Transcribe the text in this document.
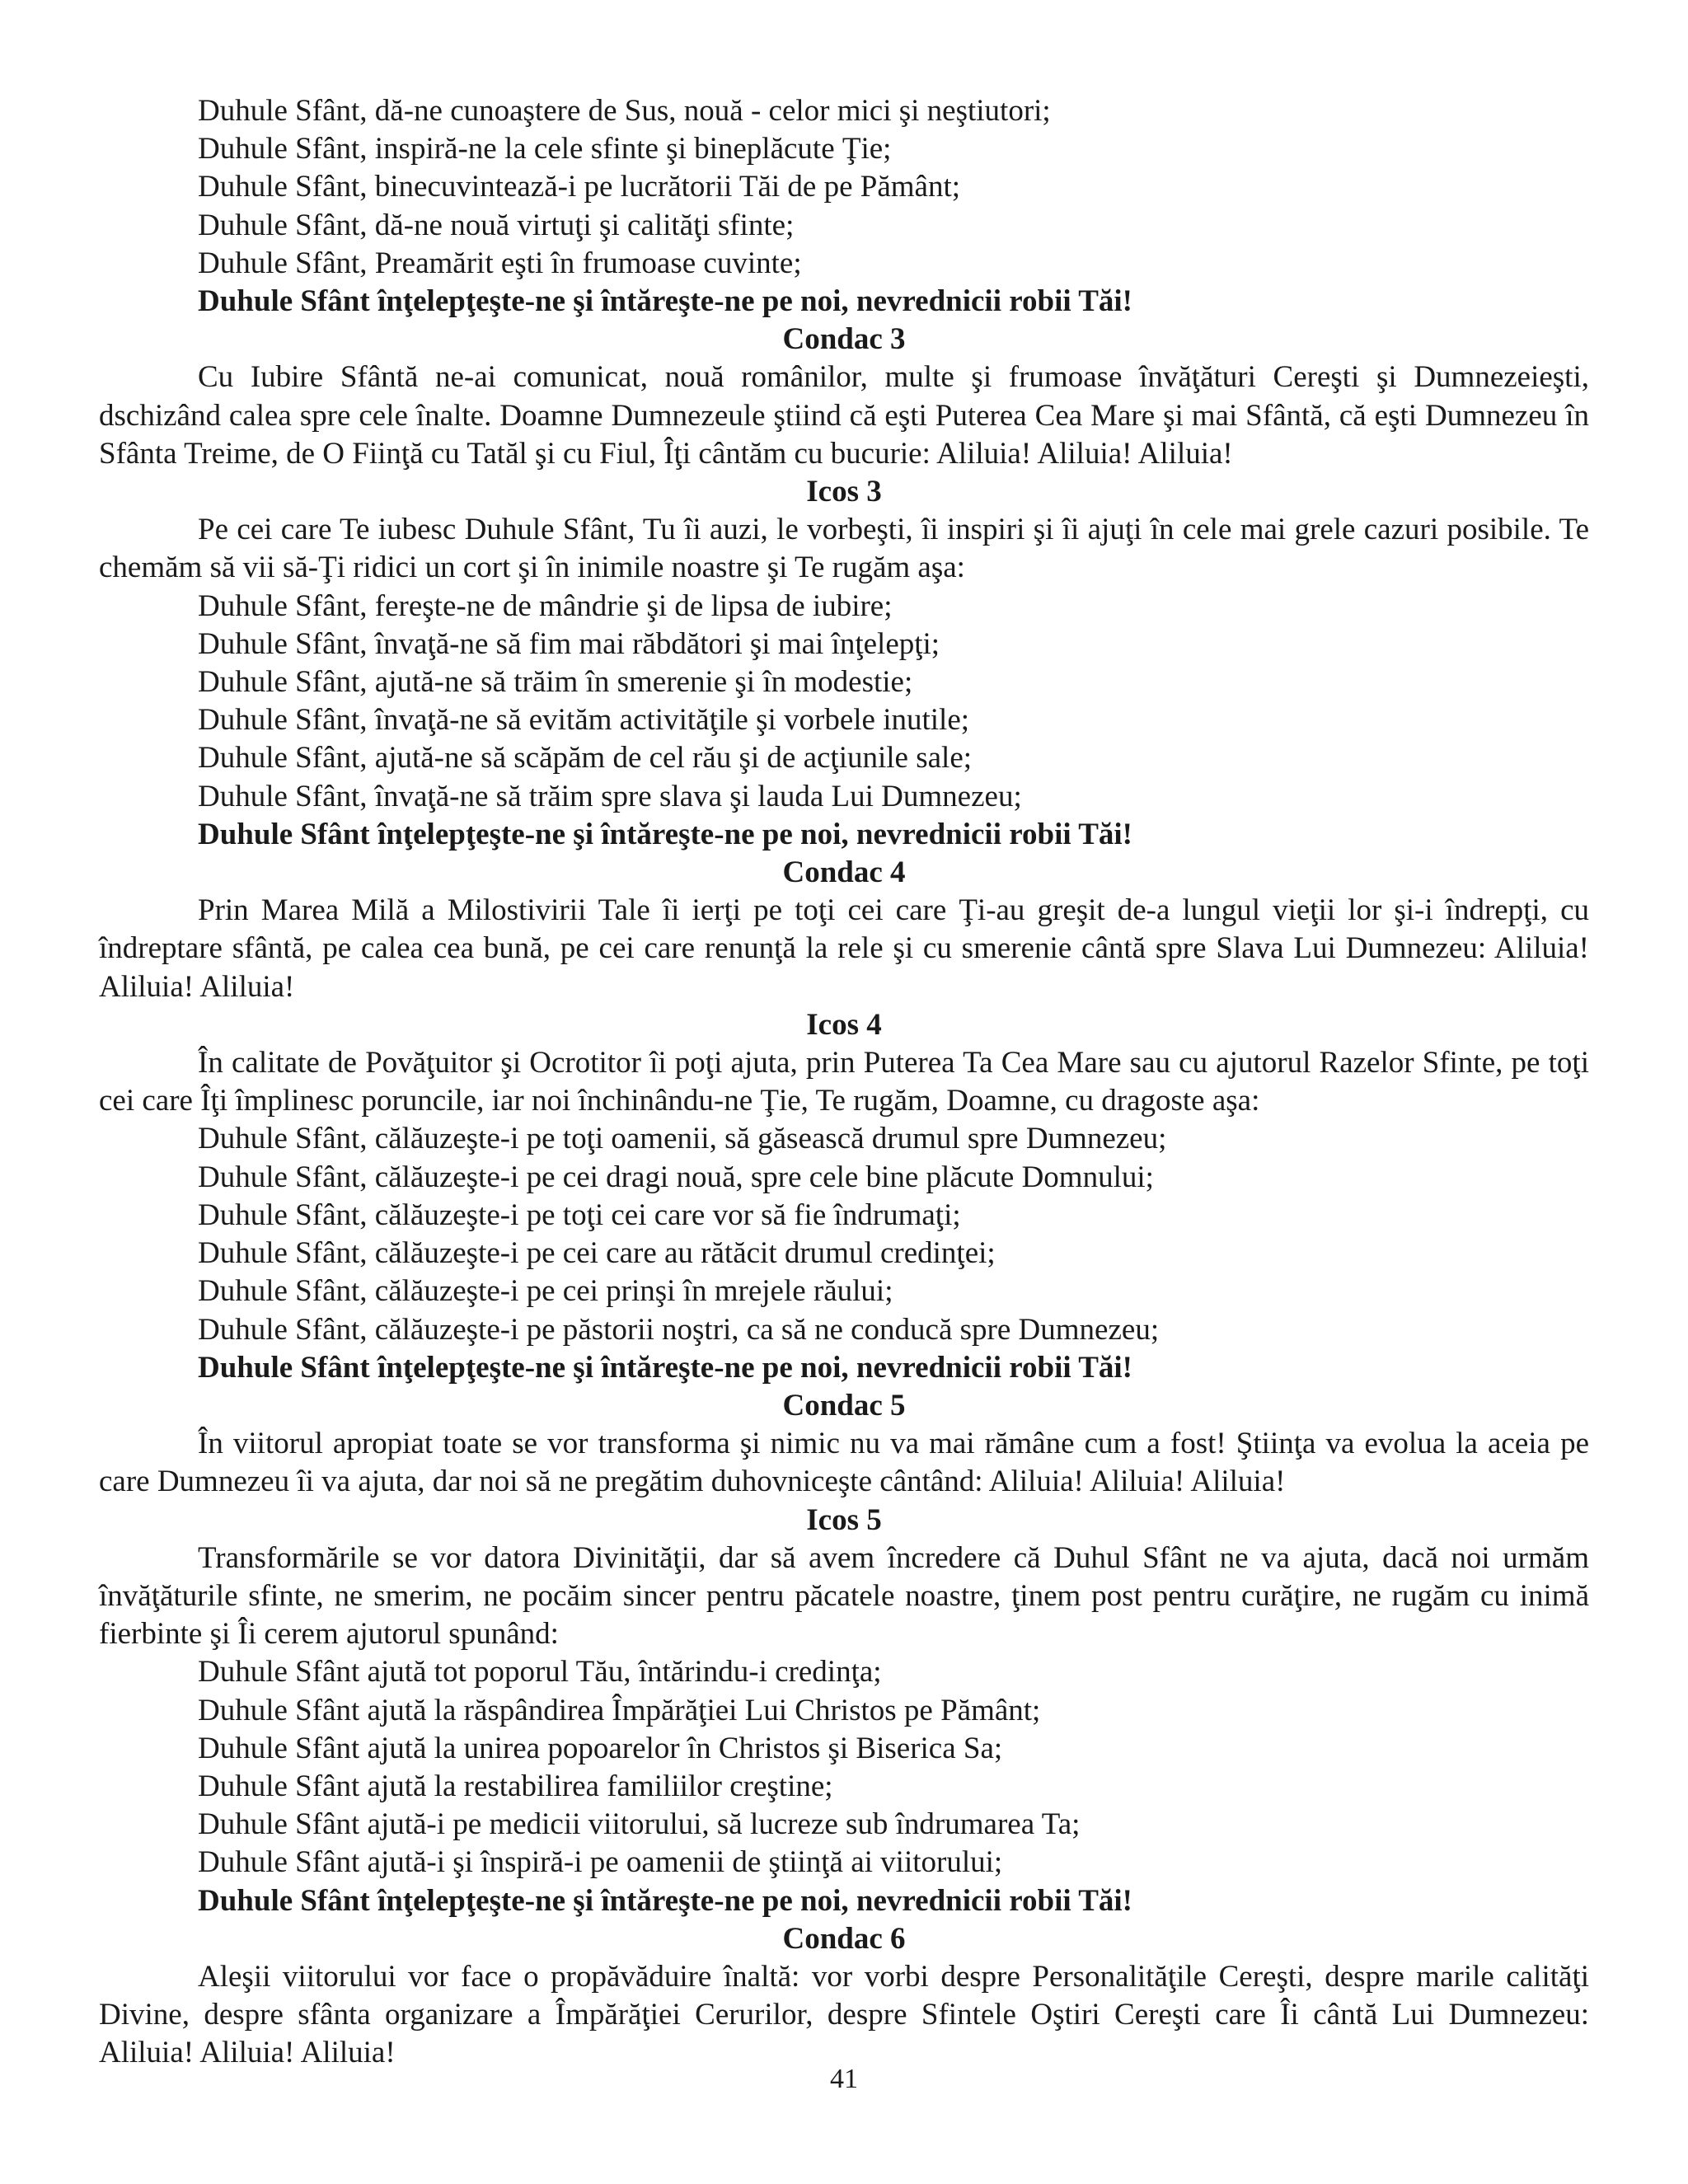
Duhule Sfânt, dă-ne cunoaştere de Sus, nouă - celor mici şi neştiutori;
Duhule Sfânt, inspiră-ne la cele sfinte şi bineplăcute Ţie;
Duhule Sfânt, binecuvintează-i pe lucrătorii Tăi de pe Pământ;
Duhule Sfânt, dă-ne nouă virtuţi şi calităţi sfinte;
Duhule Sfânt, Preamărit eşti în frumoase cuvinte;
Duhule Sfânt înţelepţeşte-ne şi întăreşte-ne pe noi, nevrednicii robii Tăi!
Condac 3
Cu Iubire Sfântă ne-ai comunicat, nouă românilor, multe şi frumoase învăţături Cereşti şi Dumnezeieşti, dschizând calea spre cele înalte. Doamne Dumnezeule ştiind că eşti Puterea Cea Mare şi mai Sfântă, că eşti Dumnezeu în Sfânta Treime, de O Fiinţă cu Tatăl şi cu Fiul, Îţi cântăm cu bucurie: Aliluia! Aliluia! Aliluia!
Icos 3
Pe cei care Te iubesc Duhule Sfânt, Tu îi auzi, le vorbeşti, îi inspiri şi îi ajuţi în cele mai grele cazuri posibile. Te chemăm să vii să-Ţi ridici un cort şi în inimile noastre şi Te rugăm aşa:
Duhule Sfânt, fereşte-ne de mândrie şi de lipsa de iubire;
Duhule Sfânt, învaţă-ne să fim mai răbdători şi mai înţelepţi;
Duhule Sfânt, ajută-ne să trăim în smerenie şi în modestie;
Duhule Sfânt, învaţă-ne să evităm activităţile şi vorbele inutile;
Duhule Sfânt, ajută-ne să scăpăm de cel rău şi de acţiunile sale;
Duhule Sfânt, învaţă-ne să trăim spre slava şi lauda Lui Dumnezeu;
Duhule Sfânt înţelepţeşte-ne şi întăreşte-ne pe noi, nevrednicii robii Tăi!
Condac 4
Prin Marea Milă a Milostivirii Tale îi ierţi pe toţi cei care Ţi-au greşit de-a lungul vieţii lor şi-i îndrepţi, cu îndreptare sfântă, pe calea cea bună, pe cei care renunţă la rele şi cu smerenie cântă spre Slava Lui Dumnezeu: Aliluia! Aliluia! Aliluia!
Icos 4
În calitate de Povăţuitor şi Ocrotitor îi poţi ajuta, prin Puterea Ta Cea Mare sau cu ajutorul Razelor Sfinte, pe toţi cei care Îţi împlinesc poruncile, iar noi închinându-ne Ţie, Te rugăm, Doamne, cu dragoste aşa:
Duhule Sfânt, călăuzeşte-i pe toţi oamenii, să găsească drumul spre Dumnezeu;
Duhule Sfânt, călăuzeşte-i pe cei dragi nouă, spre cele bine plăcute Domnului;
Duhule Sfânt, călăuzeşte-i pe toţi cei care vor să fie îndrumaţi;
Duhule Sfânt, călăuzeşte-i pe cei care au rătăcit drumul credinţei;
Duhule Sfânt, călăuzeşte-i pe cei prinşi în mrejele răului;
Duhule Sfânt, călăuzeşte-i pe păstorii noştri, ca să ne conducă spre Dumnezeu;
Duhule Sfânt înţelepţeşte-ne şi întăreşte-ne pe noi, nevrednicii robii Tăi!
Condac 5
În viitorul apropiat toate se vor transforma şi nimic nu va mai rămâne cum a fost! Ştiinţa va evolua la aceia pe care Dumnezeu îi va ajuta, dar noi să ne pregătim duhovniceşte cântând: Aliluia! Aliluia! Aliluia!
Icos 5
Transformările se vor datora Divinităţii, dar să avem încredere că Duhul Sfânt ne va ajuta, dacă noi urmăm învăţăturile sfinte, ne smerim, ne pocăim sincer pentru păcatele noastre, ţinem post pentru curăţire, ne rugăm cu inimă fierbinte şi Îi cerem ajutorul spunând:
Duhule Sfânt ajută tot poporul Tău, întărindu-i credinţa;
Duhule Sfânt ajută la răspândirea Împărăţiei Lui Christos pe Pământ;
Duhule Sfânt ajută la unirea popoarelor în Christos şi Biserica Sa;
Duhule Sfânt ajută la restabilirea familiilor creştine;
Duhule Sfânt ajută-i pe medicii viitorului, să lucreze sub îndrumarea Ta;
Duhule Sfânt ajută-i şi înspiră-i pe oamenii de ştiinţă ai viitorului;
Duhule Sfânt înţelepţeşte-ne şi întăreşte-ne pe noi, nevrednicii robii Tăi!
Condac 6
Aleşii viitorului vor face o propăvăduire înaltă: vor vorbi despre Personalităţile Cereşti, despre marile calităţi Divine, despre sfânta organizare a Împărăţiei Cerurilor, despre Sfintele Oştiri Cereşti care Îi cântă Lui Dumnezeu: Aliluia! Aliluia! Aliluia!
41
